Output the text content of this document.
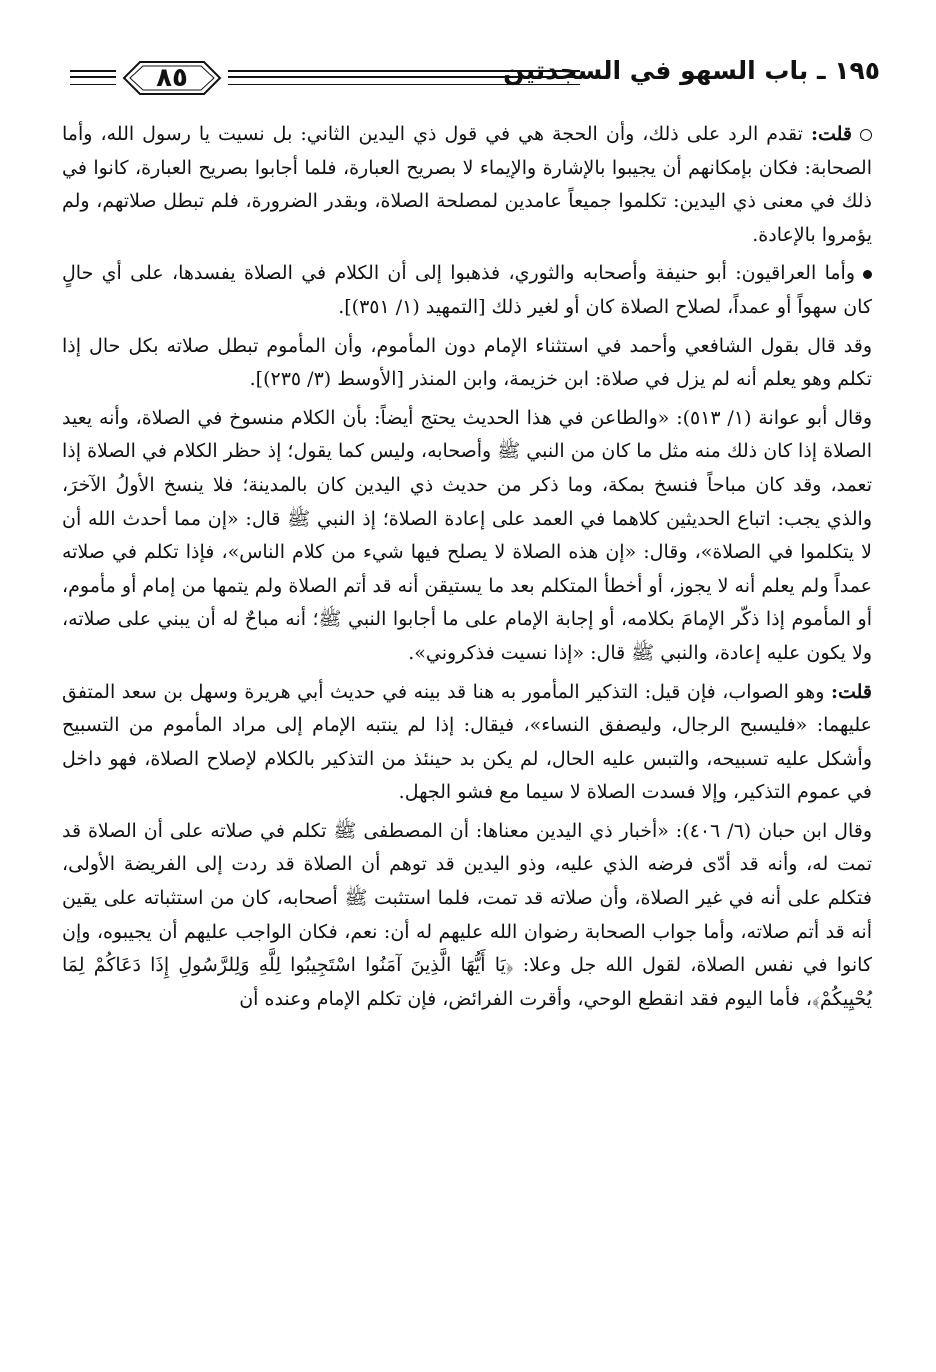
١٩٥ ـ باب السهو في السجدتين
٨٥

قلت: تقدم الرد على ذلك، وأن الحجة هي في قول ذي اليدين الثاني: بل نسيت يا رسول الله، وأما الصحابة: فكان بإمكانهم أن يجيبوا بالإشارة والإيماء لا بصريح العبارة، فلما أجابوا بصريح العبارة، كانوا في ذلك في معنى ذي اليدين: تكلموا جميعاً عامدين لمصلحة الصلاة، وبقدر الضرورة، فلم تبطل صلاتهم، ولم يؤمروا بالإعادة.

وأما العراقيون: أبو حنيفة وأصحابه والثوري، فذهبوا إلى أن الكلام في الصلاة يفسدها، على أي حالٍ كان سهواً أو عمداً، لصلاح الصلاة كان أو لغير ذلك [التمهيد (١/ ٣٥١)].

وقد قال بقول الشافعي وأحمد في استثناء الإمام دون المأموم، وأن المأموم تبطل صلاته بكل حال إذا تكلم وهو يعلم أنه لم يزل في صلاة: ابن خزيمة، وابن المنذر [الأوسط (٣/ ٢٣٥)].

وقال أبو عوانة (١/ ٥١٣): «والطاعن في هذا الحديث يحتج أيضاً: بأن الكلام منسوخ في الصلاة، وأنه يعيد الصلاة إذا كان ذلك منه مثل ما كان من النبي ﷺ وأصحابه، وليس كما يقول؛ إذ حظر الكلام في الصلاة إذا تعمد، وقد كان مباحاً فنسخ بمكة، وما ذكر من حديث ذي اليدين كان بالمدينة؛ فلا ينسخ الأولُ الآخرَ، والذي يجب: اتباع الحديثين كلاهما في العمد على إعادة الصلاة؛ إذ النبي ﷺ قال: «إن مما أحدث الله أن لا يتكلموا في الصلاة»، وقال: «إن هذه الصلاة لا يصلح فيها شيء من كلام الناس»، فإذا تكلم في صلاته عمداً ولم يعلم أنه لا يجوز، أو أخطأ المتكلم بعد ما يستيقن أنه قد أتم الصلاة ولم يتمها من إمام أو مأموم، أو المأموم إذا ذكّر الإمامَ بكلامه، أو إجابة الإمام على ما أجابوا النبي ﷺ؛ أنه مباحٌ له أن يبني على صلاته، ولا يكون عليه إعادة، والنبي ﷺ قال: «إذا نسيت فذكروني».

قلت: وهو الصواب، فإن قيل: التذكير المأمور به هنا قد بينه في حديث أبي هريرة وسهل بن سعد المتفق عليهما: «فليسبح الرجال، وليصفق النساء»، فيقال: إذا لم ينتبه الإمام إلى مراد المأموم من التسبيح وأشكل عليه تسبيحه، والتبس عليه الحال، لم يكن بد حينئذ من التذكير بالكلام لإصلاح الصلاة، فهو داخل في عموم التذكير، وإلا فسدت الصلاة لا سيما مع فشو الجهل.

وقال ابن حبان (٦/ ٤٠٦): «أخبار ذي اليدين معناها: أن المصطفى ﷺ تكلم في صلاته على أن الصلاة قد تمت له، وأنه قد أدّى فرضه الذي عليه، وذو اليدين قد توهم أن الصلاة قد ردت إلى الفريضة الأولى، فتكلم على أنه في غير الصلاة، وأن صلاته قد تمت، فلما استثبت ﷺ أصحابه، كان من استثباته على يقين أنه قد أتم صلاته، وأما جواب الصحابة رضوان الله عليهم له أن: نعم، فكان الواجب عليهم أن يجيبوه، وإن كانوا في نفس الصلاة، لقول الله جل وعلا: ﴿يَا أَيُّهَا الَّذِينَ آمَنُوا اسْتَجِيبُوا لِلَّهِ وَلِلرَّسُولِ إِذَا دَعَاكُمْ لِمَا يُحْيِيكُمْ﴾، فأما اليوم فقد انقطع الوحي، وأقرت الفرائض، فإن تكلم الإمام وعنده أن
